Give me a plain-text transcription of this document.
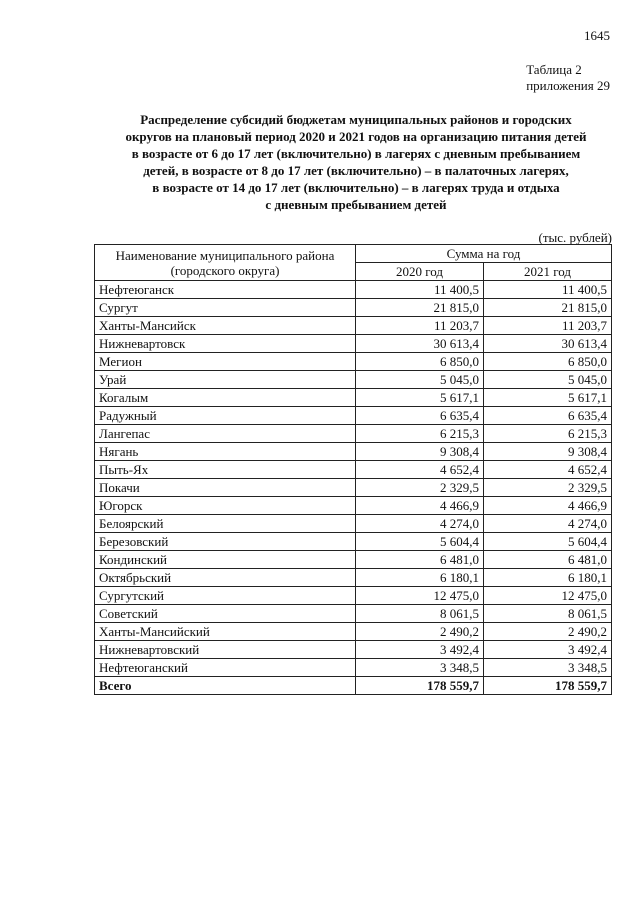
1645
Таблица 2
приложения 29
Распределение субсидий бюджетам муниципальных районов и городских
округов на плановый период 2020 и 2021 годов на организацию питания детей
в возрасте от 6 до 17 лет (включительно) в лагерях с дневным пребыванием
детей, в возрасте от 8 до 17 лет (включительно) – в палаточных лагерях,
в возрасте от 14 до 17 лет (включительно) – в лагерях труда и отдыха
с дневным пребыванием детей
(тыс. рублей)
Наименование муниципального района
(городского округа)	Сумма на год	
	2020 год	2021 год
Нефтеюганск	11 400,5	11 400,5
Сургут	21 815,0	21 815,0
Ханты-Мансийск	11 203,7	11 203,7
Нижневартовск	30 613,4	30 613,4
Мегион	6 850,0	6 850,0
Урай	5 045,0	5 045,0
Когалым	5 617,1	5 617,1
Радужный	6 635,4	6 635,4
Лангепас	6 215,3	6 215,3
Нягань	9 308,4	9 308,4
Пыть-Ях	4 652,4	4 652,4
Покачи	2 329,5	2 329,5
Югорск	4 466,9	4 466,9
Белоярский	4 274,0	4 274,0
Березовский	5 604,4	5 604,4
Кондинский	6 481,0	6 481,0
Октябрьский	6 180,1	6 180,1
Сургутский	12 475,0	12 475,0
Советский	8 061,5	8 061,5
Ханты-Мансийский	2 490,2	2 490,2
Нижневартовский	3 492,4	3 492,4
Нефтеюганский	3 348,5	3 348,5
Всего	178 559,7	178 559,7
